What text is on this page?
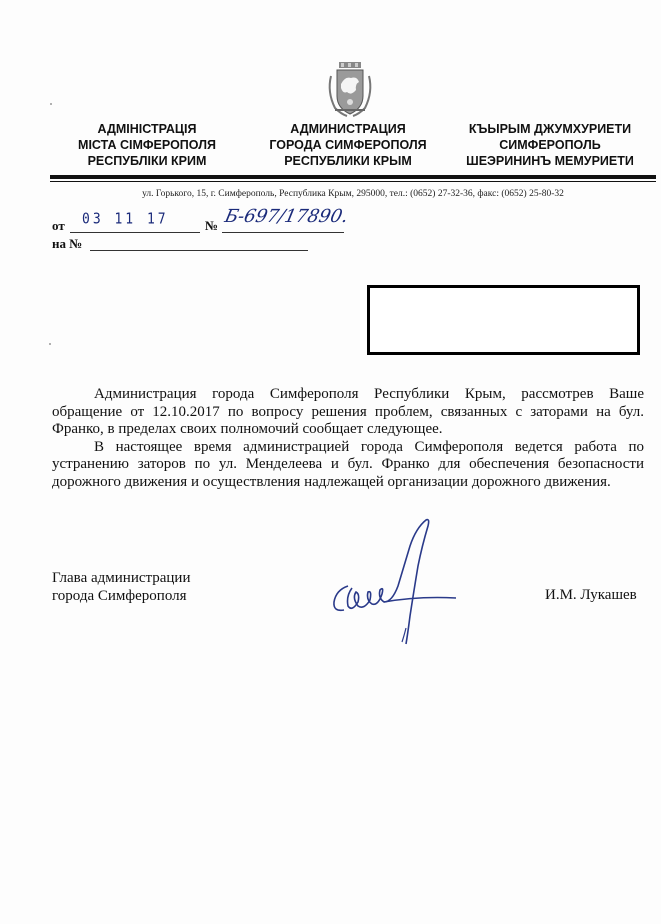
АДМІНІСТРАЦІЯ
МІСТА СІМФЕРОПОЛЯ
РЕСПУБЛІКИ КРИМ
АДМИНИСТРАЦИЯ
ГОРОДА СИМФЕРОПОЛЯ
РЕСПУБЛИКИ КРЫМ
КЪЫРЫМ ДЖУМХУРИЕТИ
СИМФЕРОПОЛЬ
ШЕЭРИНИНЪ МЕМУРИЕТИ
ул. Горького, 15, г. Симферополь, Республика Крым, 295000, тел.: (0652) 27-32-36, факс: (0652) 25-80-32
от 03 11 17	№ Б-697/17890.
на №

Администрация города Симферополя Республики Крым, рассмотрев Ваше обращение от 12.10.2017 по вопросу решения проблем, связанных с заторами на бул. Франко, в пределах своих полномочий сообщает следующее.

В настоящее время администрацией города Симферополя ведется работа по устранению заторов по ул. Менделеева и бул. Франко для обеспечения безопасности дорожного движения и осуществления надлежащей организации дорожного движения.

Глава администрации
города Симферополя	И.М. Лукашев
